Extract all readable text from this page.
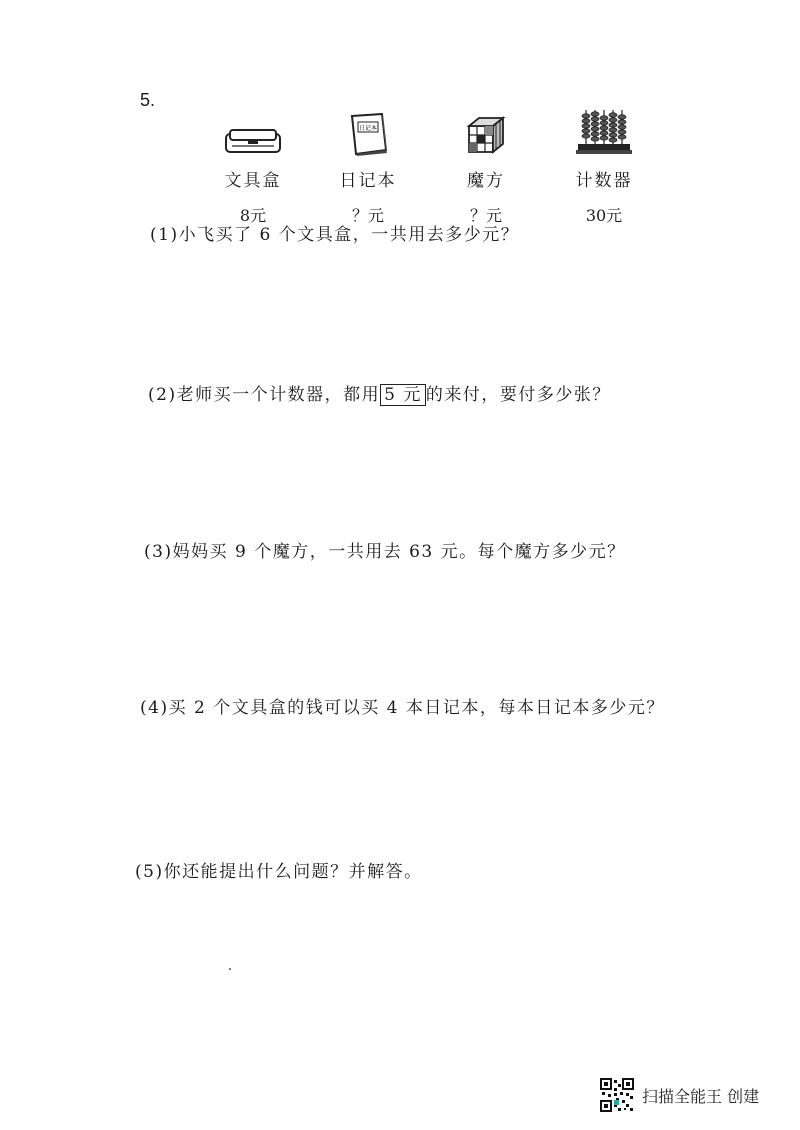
5.
文具盒
8元
日记本
日记本
？元
魔方
？元
计数器
30元
(1)小飞买了 6 个文具盒，一共用去多少元？
(2)老师买一个计数器，都用 5 元 的来付，要付多少张？
(3)妈妈买 9 个魔方，一共用去 63 元。每个魔方多少元？
(4)买 2 个文具盒的钱可以买 4 本日记本，每本日记本多少元？
(5)你还能提出什么问题？并解答。
扫描全能王 创建
